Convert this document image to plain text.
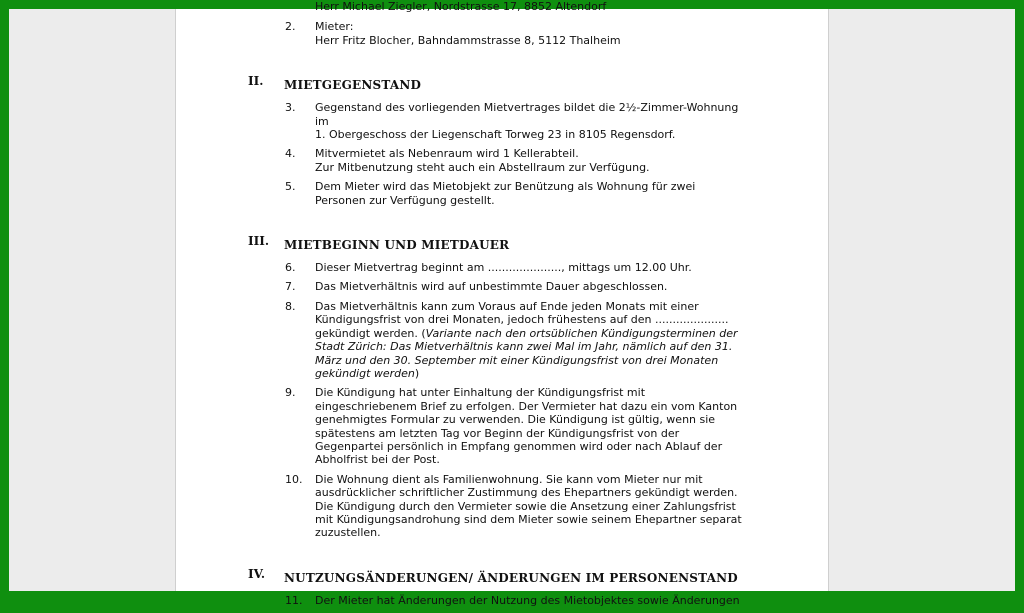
Herr Michael Ziegler, Nordstrasse 17, 8852 Altendorf
2. Mieter:
Herr Fritz Blocher, Bahndammstrasse 8, 5112 Thalheim
II. MIETGEGENSTAND
3. Gegenstand des vorliegenden Mietvertrages bildet die 2½-Zimmer-Wohnung im
1. Obergeschoss der Liegenschaft Torweg 23 in 8105 Regensdorf.
4. Mitvermietet als Nebenraum wird 1 Kellerabteil.
Zur Mitbenutzung steht auch ein Abstellraum zur Verfügung.
5. Dem Mieter wird das Mietobjekt zur Benützung als Wohnung für zwei Personen zur Verfügung gestellt.
III. MIETBEGINN UND MIETDAUER
6. Dieser Mietvertrag beginnt am ....................., mittags um 12.00 Uhr.
7. Das Mietverhältnis wird auf unbestimmte Dauer abgeschlossen.
8. Das Mietverhältnis kann zum Voraus auf Ende jeden Monats mit einer Kündigungsfrist von drei Monaten, jedoch frühestens auf den ..................... gekündigt werden. (Variante nach den ortsüblichen Kündigungsterminen der Stadt Zürich: Das Mietverhältnis kann zwei Mal im Jahr, nämlich auf den 31. März und den 30. September mit einer Kündigungsfrist von drei Monaten gekündigt werden)
9. Die Kündigung hat unter Einhaltung der Kündigungsfrist mit eingeschriebenem Brief zu erfolgen. Der Vermieter hat dazu ein vom Kanton genehmigtes Formular zu verwenden. Die Kündigung ist gültig, wenn sie spätestens am letzten Tag vor Beginn der Kündigungsfrist von der Gegenpartei persönlich in Empfang genommen wird oder nach Ablauf der Abholfrist bei der Post.
10. Die Wohnung dient als Familienwohnung. Sie kann vom Mieter nur mit ausdrücklicher schriftlicher Zustimmung des Ehepartners gekündigt werden. Die Kündigung durch den Vermieter sowie die Ansetzung einer Zahlungsfrist mit Kündigungsandrohung sind dem Mieter sowie seinem Ehepartner separat zuzustellen.
IV. NUTZUNGSÄNDERUNGEN/ ÄNDERUNGEN IM PERSONENSTAND
11. Der Mieter hat Änderungen der Nutzung des Mietobjektes sowie Änderungen
